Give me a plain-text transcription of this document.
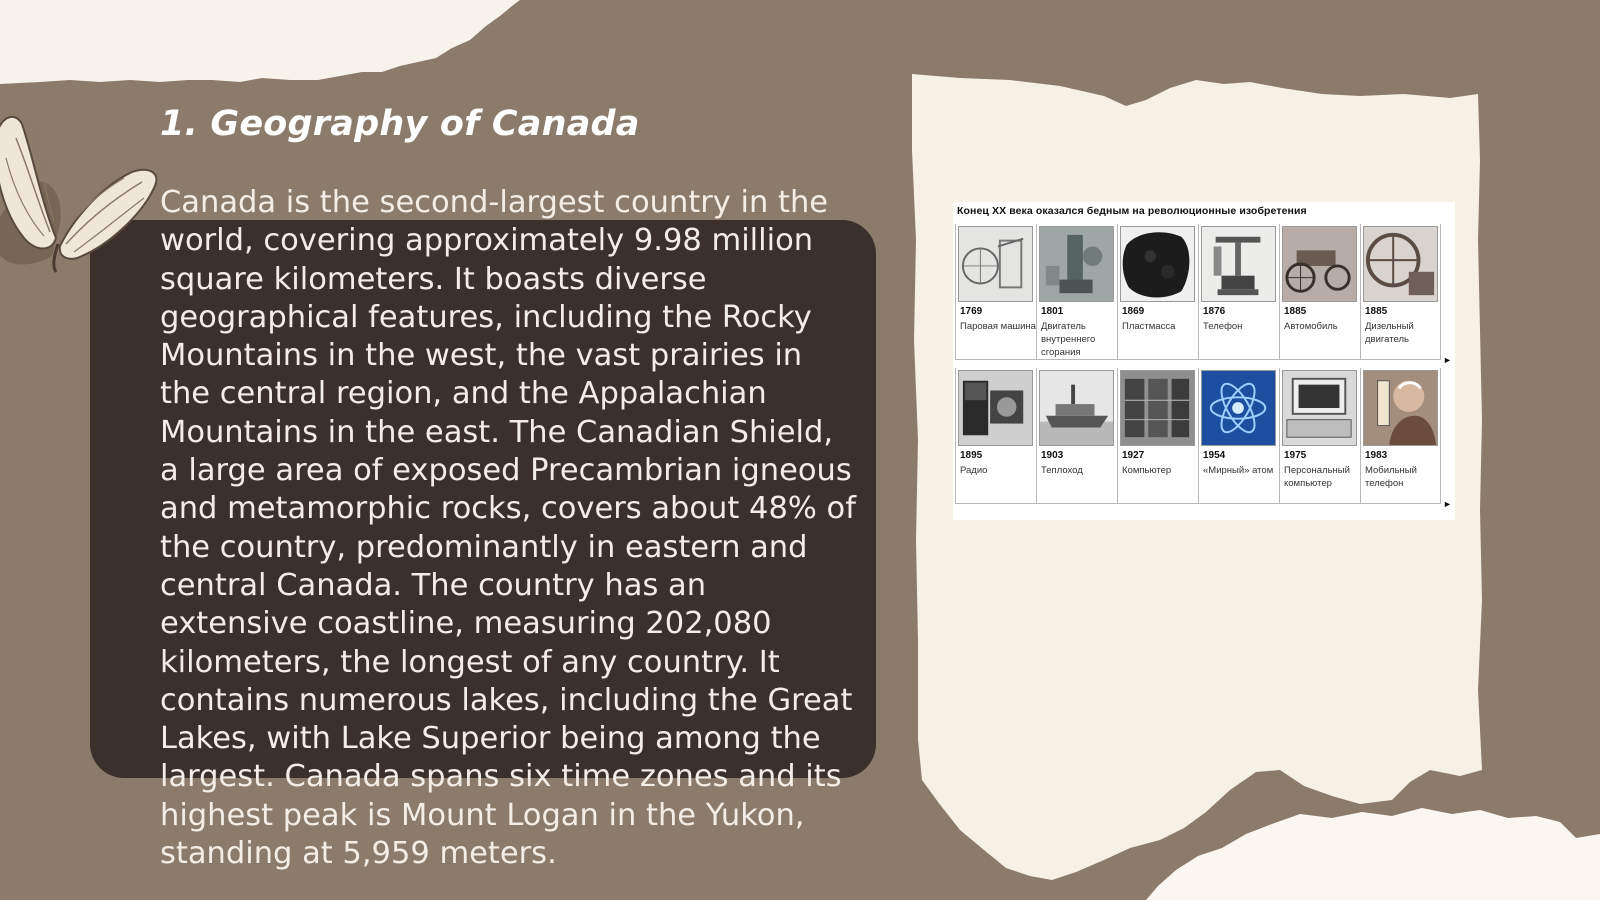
1. Geography of Canada

Canada is the second-largest country in the world, covering approximately 9.98 million square kilometers. It boasts diverse geographical features, including the Rocky Mountains in the west, the vast prairies in the central region, and the Appalachian Mountains in the east. The Canadian Shield, a large area of exposed Precambrian igneous and metamorphic rocks, covers about 48% of the country, predominantly in eastern and central Canada. The country has an extensive coastline, measuring 202,080 kilometers, the longest of any country. It contains numerous lakes, including the Great Lakes, with Lake Superior being among the largest. Canada spans six time zones and its highest peak is Mount Logan in the Yukon, standing at 5,959 meters.

Конец XX века оказался бедным на революционные изобретения
1769
Паровая машина
1801
Двигатель внутреннего сгорания
1869
Пластмасса
1876
Телефон
1885
Автомобиль
1885
Дизельный двигатель
►
1895
Радио
1903
Теплоход
1927
Компьютер
1954
«Мирный» атом
1975
Персональный компьютер
1983
Мобильный телефон
►
